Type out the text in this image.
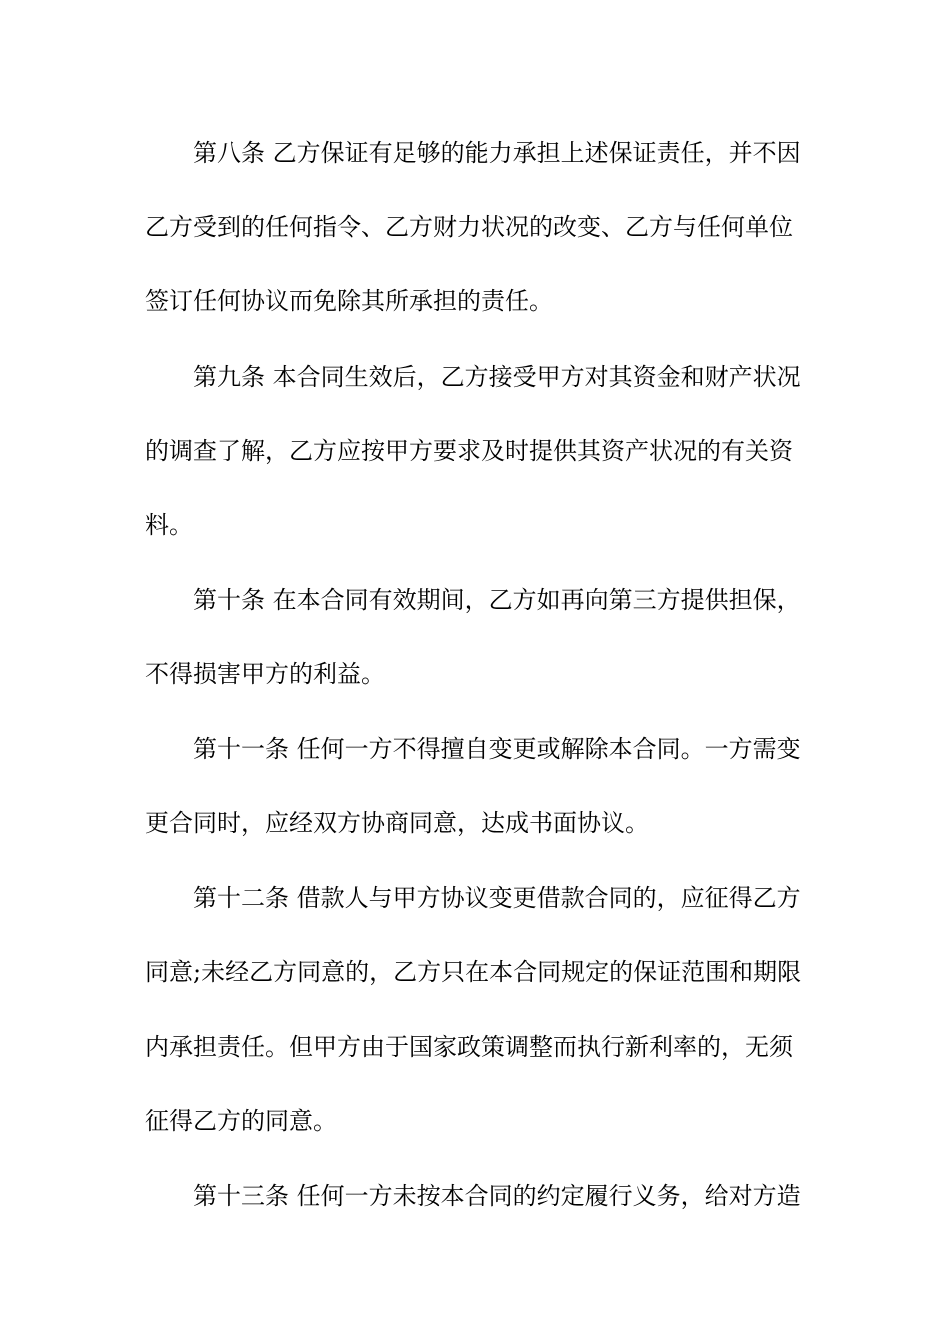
第八条 乙方保证有足够的能力承担上述保证责任，并不因
乙方受到的任何指令、乙方财力状况的改变、乙方与任何单位
签订任何协议而免除其所承担的责任。
第九条 本合同生效后，乙方接受甲方对其资金和财产状况
的调查了解，乙方应按甲方要求及时提供其资产状况的有关资
料。
第十条 在本合同有效期间，乙方如再向第三方提供担保，
不得损害甲方的利益。
第十一条 任何一方不得擅自变更或解除本合同。一方需变
更合同时，应经双方协商同意，达成书面协议。
第十二条 借款人与甲方协议变更借款合同的，应征得乙方
同意;未经乙方同意的，乙方只在本合同规定的保证范围和期限
内承担责任。但甲方由于国家政策调整而执行新利率的，无须
征得乙方的同意。
第十三条 任何一方未按本合同的约定履行义务，给对方造
